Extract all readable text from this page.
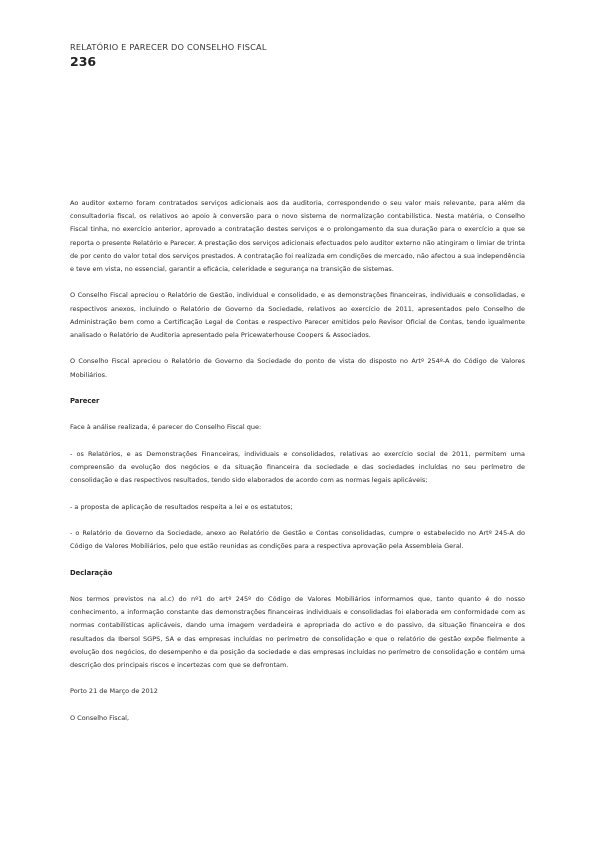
RELATÓRIO E PARECER DO CONSELHO FISCAL
236

Ao auditor externo foram contratados serviços adicionais aos da auditoria, correspondendo o seu valor mais relevante, para além da consultadoria fiscal, os relativos ao apoio à conversão para o novo sistema de normalização contabilística. Nesta matéria, o Conselho Fiscal tinha, no exercício anterior, aprovado a contratação destes serviços e o prolongamento da sua duração para o exercício a que se reporta o presente Relatório e Parecer. A prestação dos serviços adicionais efectuados pelo auditor externo não atingiram o limiar de trinta de por cento do valor total dos serviços prestados. A contratação foi realizada em condições de mercado, não afectou a sua independência e teve em vista, no essencial, garantir a eficácia, celeridade e segurança na transição de sistemas.

O Conselho Fiscal apreciou o Relatório de Gestão, individual e consolidado, e as demonstrações financeiras, individuais e consolidadas, e respectivos anexos, incluindo o Relatório de Governo da Sociedade, relativos ao exercício de 2011, apresentados pelo Conselho de Administração bem como a Certificação Legal de Contas e respectivo Parecer emitidos pelo Revisor Oficial de Contas, tendo igualmente analisado o Relatório de Auditoria apresentado pela Pricewaterhouse Coopers & Associados.

O Conselho Fiscal apreciou o Relatório de Governo da Sociedade do ponto de vista do disposto no Artº 254º-A do Código de Valores Mobiliários.

Parecer

Face à análise realizada, é parecer do Conselho Fiscal que:

- os Relatórios, e as Demonstrações Financeiras, individuais e consolidados, relativas ao exercício social de 2011, permitem uma compreensão da evolução dos negócios e da situação financeira da sociedade e das sociedades incluídas no seu perímetro de consolidação e das respectivos resultados, tendo sido elaborados de acordo com as normas legais aplicáveis;

- a proposta de aplicação de resultados respeita a lei e os estatutos;

- o Relatório de Governo da Sociedade, anexo ao Relatório de Gestão e Contas consolidadas, cumpre o estabelecido no Artº 245-A do Código de Valores Mobiliários, pelo que estão reunidas as condições para a respectiva aprovação pela Assembleia Geral.

Declaração

Nos termos previstos na al.c) do nº1 do artº 245º do Código de Valores Mobiliários informamos que, tanto quanto é do nosso conhecimento, a informação constante das demonstrações financeiras individuais e consolidadas foi elaborada em conformidade com as normas contabilísticas aplicáveis, dando uma imagem verdadeira e apropriada do activo e do passivo, da situação financeira e dos resultados da Ibersol SGPS, SA e das empresas incluídas no perímetro de consolidação e que o relatório de gestão expõe fielmente a evolução dos negócios, do desempenho e da posição da sociedade e das empresas incluídas no perímetro de consolidação e contém uma descrição dos principais riscos e incertezas com que se defrontam.

Porto 21 de Março de 2012

O Conselho Fiscal,
